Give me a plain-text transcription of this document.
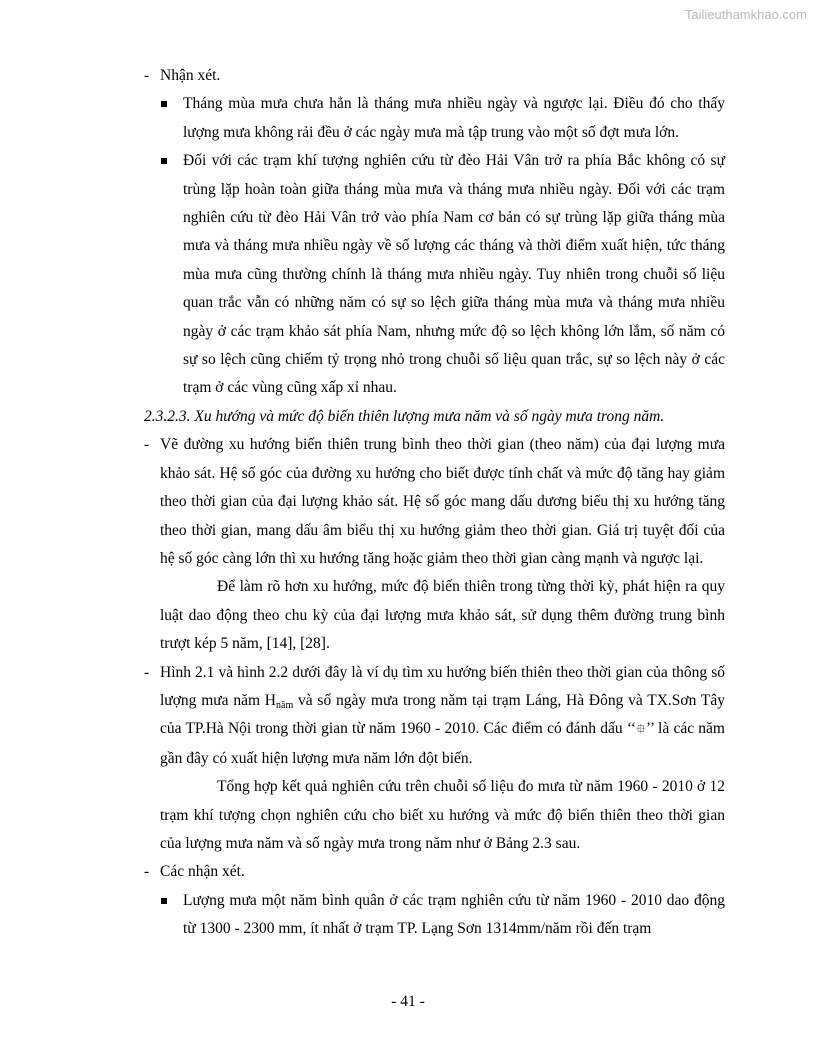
Tailieuthamkhao.com

- Nhận xét.

Tháng mùa mưa chưa hẳn là tháng mưa nhiều ngày và ngược lại. Điều đó cho thấy lượng mưa không rải đều ở các ngày mưa mà tập trung vào một số đợt mưa lớn.

Đối với các trạm khí tượng nghiên cứu từ đèo Hải Vân trở ra phía Bắc không có sự trùng lặp hoàn toàn giữa tháng mùa mưa và tháng mưa nhiều ngày. Đối với các trạm nghiên cứu từ đèo Hải Vân trở vào phía Nam cơ bản có sự trùng lặp giữa tháng mùa mưa và tháng mưa nhiều ngày về số lượng các tháng và thời điểm xuất hiện, tức tháng mùa mưa cũng thường chính là tháng mưa nhiều ngày. Tuy nhiên trong chuỗi số liệu quan trắc vẫn có những năm có sự so lệch giữa tháng mùa mưa và tháng mưa nhiều ngày ở các trạm khảo sát phía Nam, nhưng mức độ so lệch không lớn lắm, số năm có sự so lệch cũng chiếm tỷ trọng nhỏ trong chuỗi số liệu quan trắc, sự so lệch này ở các trạm ở các vùng cũng xấp xỉ nhau.

2.3.2.3. Xu hướng và mức độ biến thiên lượng mưa năm và số ngày mưa trong năm.

- Vẽ đường xu hướng biến thiên trung bình theo thời gian (theo năm) của đại lượng mưa khảo sát. Hệ số góc của đường xu hướng cho biết được tính chất và mức độ tăng hay giảm theo thời gian của đại lượng khảo sát. Hệ số góc mang dấu dương biểu thị xu hướng tăng theo thời gian, mang dấu âm biểu thị xu hướng giảm theo thời gian. Giá trị tuyệt đối của hệ số góc càng lớn thì xu hướng tăng hoặc giảm theo thời gian càng mạnh và ngược lại.

Để làm rõ hơn xu hướng, mức độ biến thiên trong từng thời kỳ, phát hiện ra quy luật dao động theo chu kỳ của đại lượng mưa khảo sát, sử dụng thêm đường trung bình trượt kép 5 năm, [14], [28].

- Hình 2.1 và hình 2.2 dưới đây là ví dụ tìm xu hướng biến thiên theo thời gian của thông số lượng mưa năm $H_{năm}$ và số ngày mưa trong năm tại trạm Láng, Hà Đông và TX.Sơn Tây của TP.Hà Nội trong thời gian từ năm 1960 - 2010. Các điểm có đánh dấu ‘‘⯐’’ là các năm gần đây có xuất hiện lượng mưa năm lớn đột biến.

Tổng hợp kết quả nghiên cứu trên chuỗi số liệu đo mưa từ năm 1960 - 2010 ở 12 trạm khí tượng chọn nghiên cứu cho biết xu hướng và mức độ biến thiên theo thời gian của lượng mưa năm và số ngày mưa trong năm như ở Bảng 2.3 sau.

- Các nhận xét.

Lượng mưa một năm bình quân ở các trạm nghiên cứu từ năm 1960 - 2010 dao động từ 1300 - 2300 mm, ít nhất ở trạm TP. Lạng Sơn 1314mm/năm rồi đến trạm

- 41 -
